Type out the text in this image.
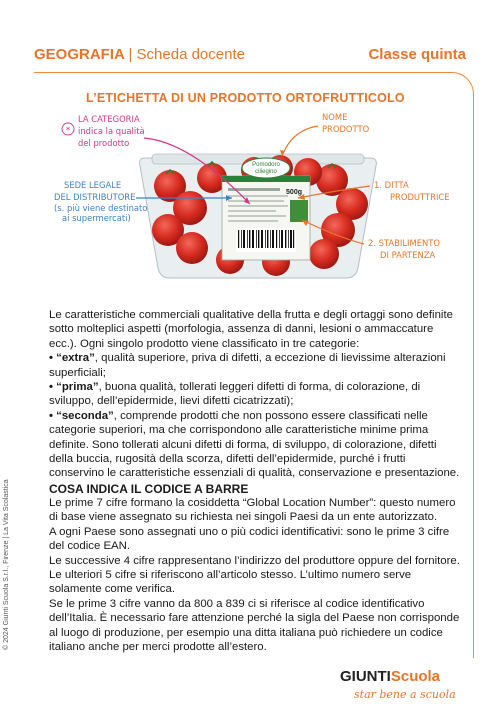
GEOGRAFIA | Scheda docente	Classe quinta
L’ETICHETTA DI UN PRODOTTO ORTOFRUTTICOLO
Pomodoro
ciliegino
500g
*
LA CATEGORIA
indica la qualità
del prodotto
NOME
PRODOTTO
SEDE LEGALE
DEL DISTRIBUTORE
(s. più viene destinato
ai supermercati)
1. DITTA
PRODUTTRICE
2. STABILIMENTO
DI PARTENZA

Le caratteristiche commerciali qualitative della frutta e degli ortaggi sono definite sotto molteplici aspetti (morfologia, assenza di danni, lesioni o ammaccature ecc.). Ogni singolo prodotto viene classificato in tre categorie:

• “extra”, qualità superiore, priva di difetti, a eccezione di lievissime alterazioni superficiali;

• “prima”, buona qualità, tollerati leggeri difetti di forma, di colorazione, di sviluppo, dell’epidermide, lievi difetti cicatrizzati);

• “seconda”, comprende prodotti che non possono essere classificati nelle categorie superiori, ma che corrispondono alle caratteristiche minime prima definite. Sono tollerati alcuni difetti di forma, di sviluppo, di colorazione, difetti della buccia, rugosità della scorza, difetti dell’epidermide, purché i frutti conservino le caratteristiche essenziali di qualità, conservazione e presentazione.

COSA INDICA IL CODICE A BARRE

Le prime 7 cifre formano la cosiddetta “Global Location Number”: questo numero di base viene assegnato su richiesta nei singoli Paesi da un ente autorizzato.

A ogni Paese sono assegnati uno o più codici identificativi: sono le prime 3 cifre del codice EAN.

Le successive 4 cifre rappresentano l’indirizzo del produttore oppure del fornitore.

Le ulteriori 5 cifre si riferiscono all’articolo stesso. L’ultimo numero serve solamente come verifica.

Se le prime 3 cifre vanno da 800 a 839 ci si riferisce al codice identificativo dell’Italia. È necessario fare attenzione perché la sigla del Paese non corrisponde al luogo di produzione, per esempio una ditta italiana può richiedere un codice italiano anche per merci prodotte all’estero.

© 2024 Giunti Scuola S.r.l., Firenze | La Vita Scolastica
GIUNTIScuola
star bene a scuola
